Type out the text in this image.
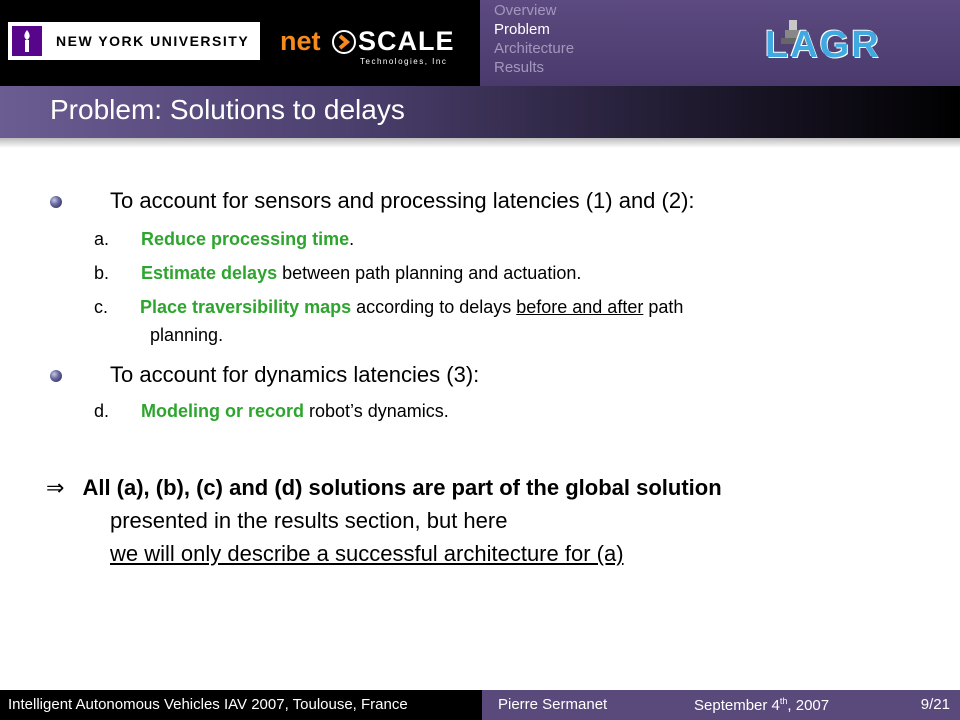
NEW YORK UNIVERSITY net SCALE
Technologies, Inc
Overview
Problem
Architecture
Results
LAGR
Problem: Solutions to delays
To account for sensors and processing latencies (1) and (2):
a. Reduce processing time.
b. Estimate delays between path planning and actuation.
c. Place traversibility maps according to delays before and after path
planning.
To account for dynamics latencies (3):
d. Modeling or record robot’s dynamics.
⇒ All (a), (b), (c) and (d) solutions are part of the global solution
presented in the results section, but here
we will only describe a successful architecture for (a)
Intelligent Autonomous Vehicles IAV 2007, Toulouse, France	Pierre Sermanet	September 4th, 2007	9/21
